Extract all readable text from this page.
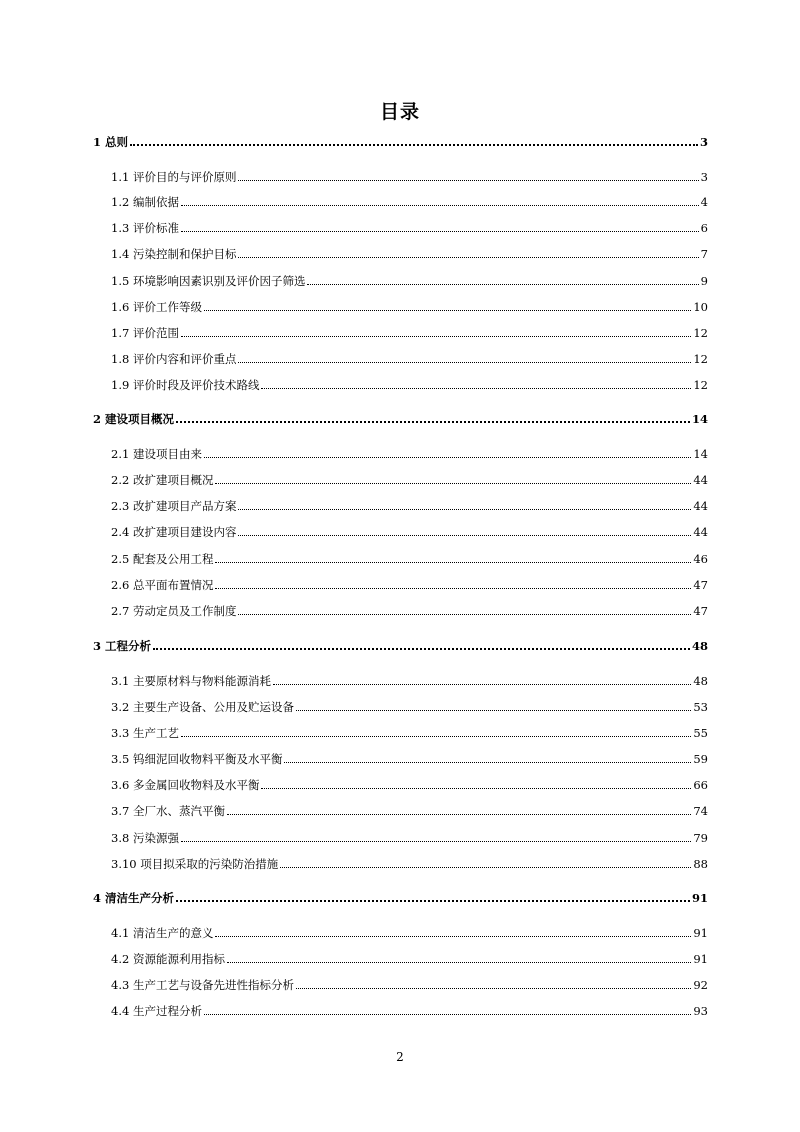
目录
1 总则	3
1.1 评价目的与评价原则	3
1.2 编制依据	4
1.3 评价标准	6
1.4 污染控制和保护目标	7
1.5 环境影响因素识别及评价因子筛选	9
1.6 评价工作等级	10
1.7 评价范围	12
1.8 评价内容和评价重点	12
1.9 评价时段及评价技术路线	12
2 建设项目概况	14
2.1 建设项目由来	14
2.2 改扩建项目概况	44
2.3 改扩建项目产品方案	44
2.4 改扩建项目建设内容	44
2.5 配套及公用工程	46
2.6 总平面布置情况	47
2.7 劳动定员及工作制度	47
3 工程分析	48
3.1 主要原材料与物料能源消耗	48
3.2 主要生产设备、公用及贮运设备	53
3.3 生产工艺	55
3.5 钨细泥回收物料平衡及水平衡	59
3.6 多金属回收物料及水平衡	66
3.7 全厂水、蒸汽平衡	74
3.8 污染源强	79
3.10 项目拟采取的污染防治措施	88
4 清洁生产分析	91
4.1 清洁生产的意义	91
4.2 资源能源利用指标	91
4.3 生产工艺与设备先进性指标分析	92
4.4 生产过程分析	93
2
